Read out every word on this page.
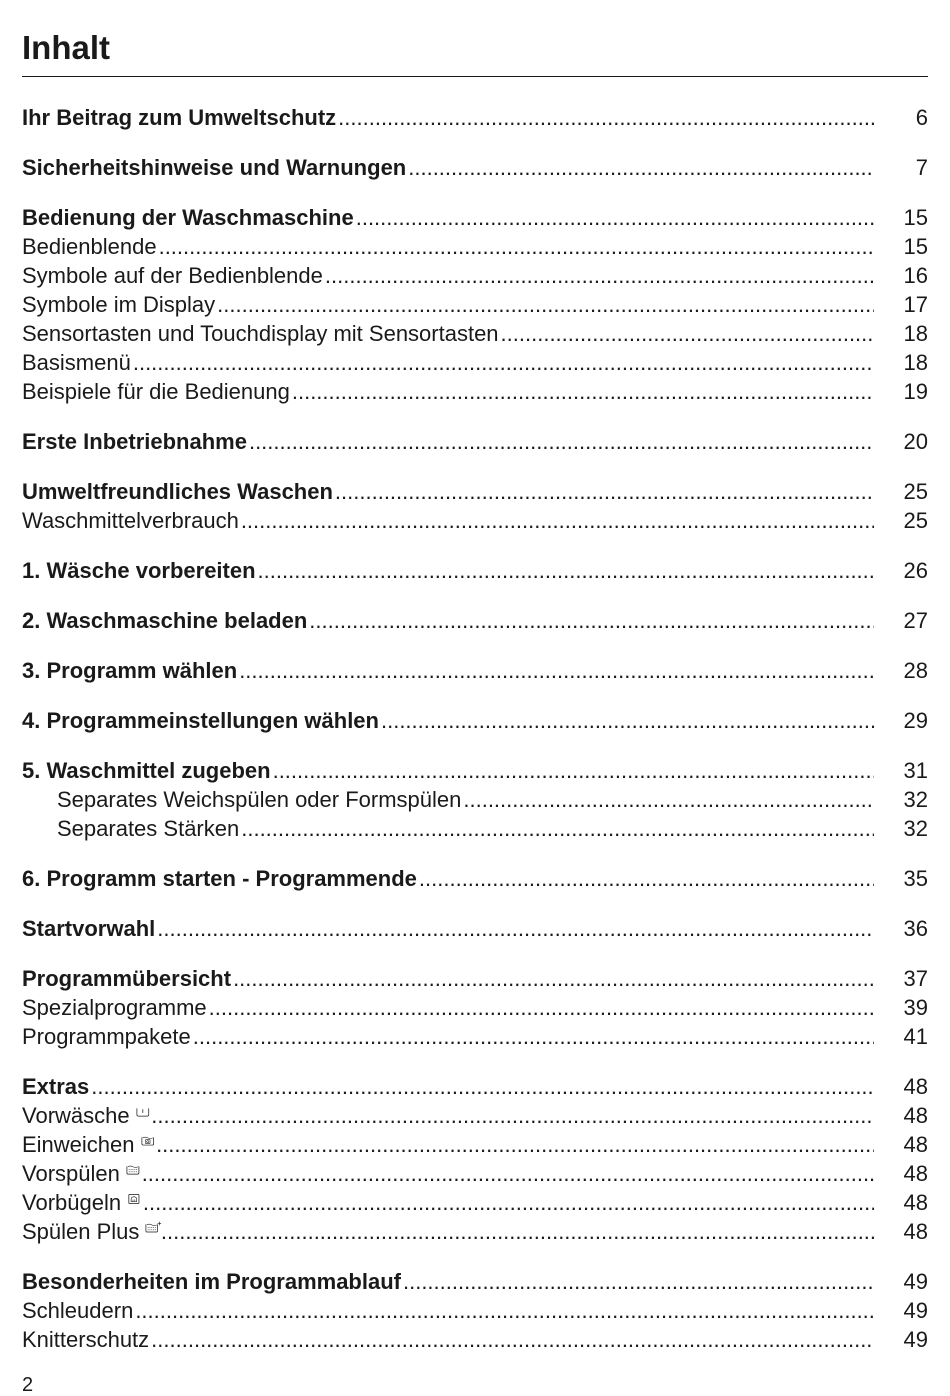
Inhalt
Ihr Beitrag zum Umweltschutz .....	6
Sicherheitshinweise und Warnungen .....	7
Bedienung der Waschmaschine .....	15
Bedienblende .....	15
Symbole auf der Bedienblende .....	16
Symbole im Display .....	17
Sensortasten und Touchdisplay mit Sensortasten .....	18
Basismenü .....	18
Beispiele für die Bedienung .....	19
Erste Inbetriebnahme .....	20
Umweltfreundliches Waschen .....	25
Waschmittelverbrauch .....	25
1. Wäsche vorbereiten .....	26
2. Waschmaschine beladen .....	27
3. Programm wählen .....	28
4. Programmeinstellungen wählen .....	29
5. Waschmittel zugeben .....	31
Separates Weichspülen oder Formspülen .....	32
Separates Stärken .....	32
6. Programm starten - Programmende .....	35
Startvorwahl .....	36
Programmübersicht .....	37
Spezialprogramme .....	39
Programmpakete .....	41
Extras .....	48
Vorwäsche .....	48
Einweichen .....	48
Vorspülen .....	48
Vorbügeln .....	48
Spülen Plus .....	48
Besonderheiten im Programmablauf .....	49
Schleudern .....	49
Knitterschutz .....	49
2
